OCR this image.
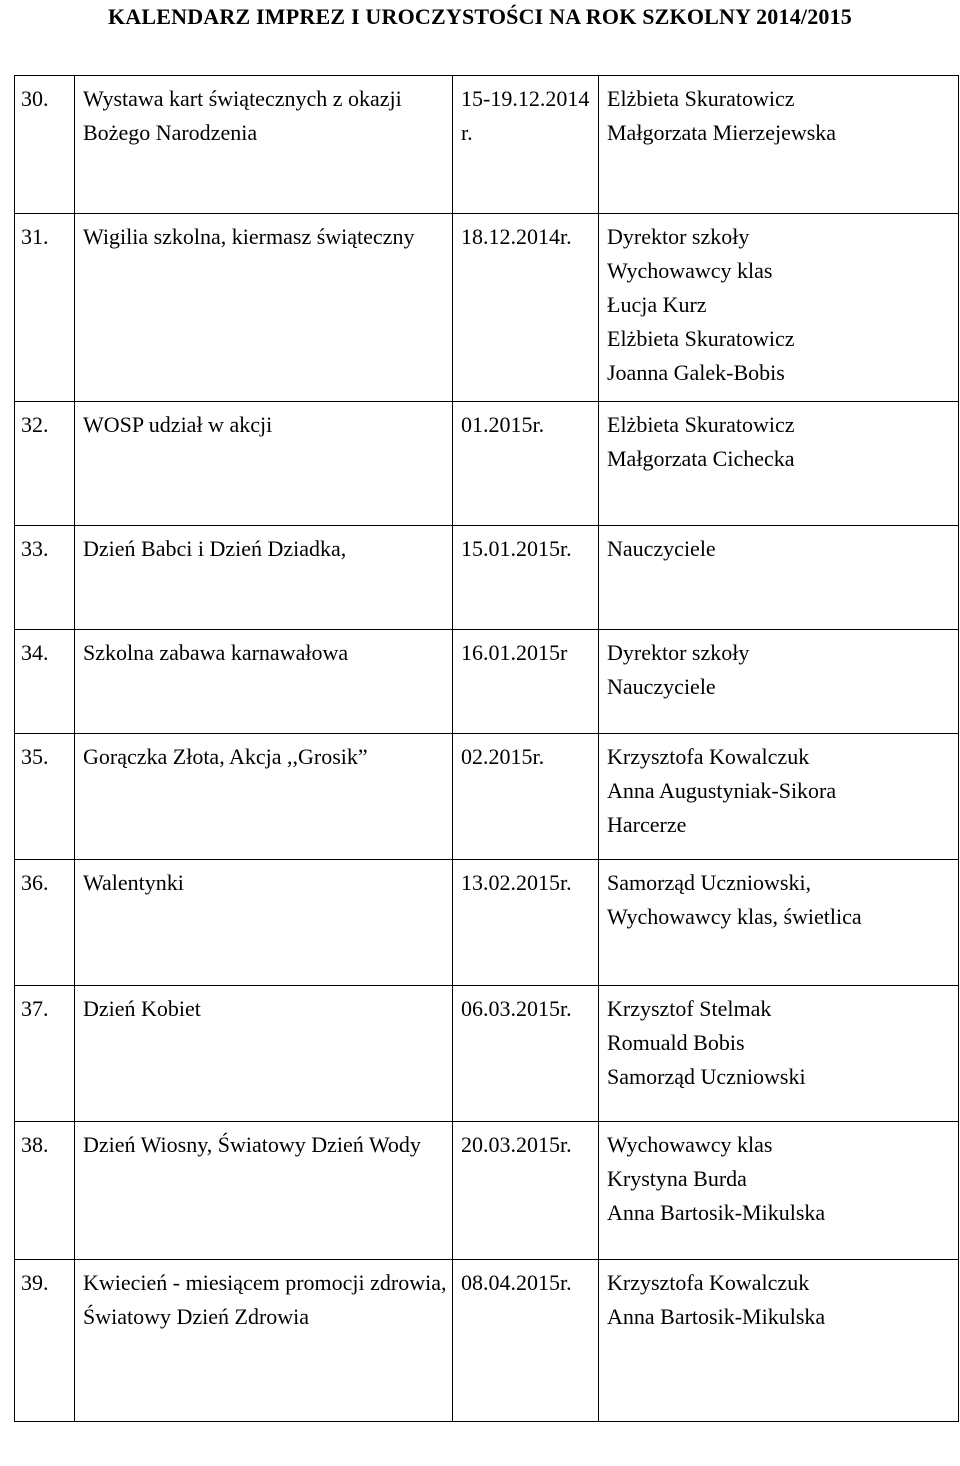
KALENDARZ IMPREZ I UROCZYSTOŚCI NA ROK SZKOLNY 2014/2015
30.	Wystawa kart świątecznych z okazji Bożego Narodzenia	15-19.12.2014r.	Elżbieta Skuratowicz
Małgorzata Mierzejewska

31.	Wigilia szkolna, kiermasz świąteczny	18.12.2014r.	Dyrektor szkoły
Wychowawcy klas
Łucja Kurz
Elżbieta Skuratowicz
Joanna Galek-Bobis

32.	WOSP udział w akcji	01.2015r.	Elżbieta Skuratowicz
Małgorzata Cichecka

33.	Dzień Babci i Dzień Dziadka,	15.01.2015r.	Nauczyciele

34.	Szkolna zabawa karnawałowa	16.01.2015r	Dyrektor szkoły
Nauczyciele

35.	Gorączka Złota, Akcja ,,Grosik”	02.2015r.	Krzysztofa Kowalczuk
Anna Augustyniak-Sikora
Harcerze

36.	Walentynki	13.02.2015r.	Samorząd Uczniowski,
Wychowawcy klas, świetlica

37.	Dzień Kobiet	06.03.2015r.	Krzysztof Stelmak
Romuald Bobis
Samorząd Uczniowski

38.	Dzień Wiosny, Światowy Dzień Wody	20.03.2015r.	Wychowawcy klas
Krystyna Burda
Anna Bartosik-Mikulska

39.	Kwiecień - miesiącem promocji zdrowia, Światowy Dzień Zdrowia	08.04.2015r.	Krzysztofa Kowalczuk
Anna Bartosik-Mikulska
